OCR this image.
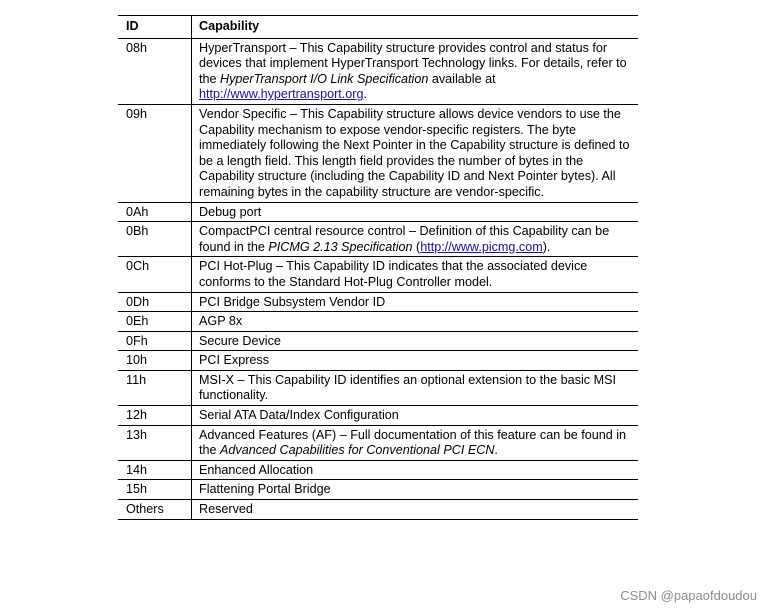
ID	Capability
08h	HyperTransport – This Capability structure provides control and status for devices that implement HyperTransport Technology links. For details, refer to the HyperTransport I/O Link Specification available at http://www.hypertransport.org.
09h	Vendor Specific – This Capability structure allows device vendors to use the Capability mechanism to expose vendor-specific registers. The byte immediately following the Next Pointer in the Capability structure is defined to be a length field. This length field provides the number of bytes in the Capability structure (including the Capability ID and Next Pointer bytes). All remaining bytes in the capability structure are vendor-specific.
0Ah	Debug port
0Bh	CompactPCI central resource control – Definition of this Capability can be found in the PICMG 2.13 Specification (http://www.picmg.com).
0Ch	PCI Hot-Plug – This Capability ID indicates that the associated device conforms to the Standard Hot-Plug Controller model.
0Dh	PCI Bridge Subsystem Vendor ID
0Eh	AGP 8x
0Fh	Secure Device
10h	PCI Express
11h	MSI-X – This Capability ID identifies an optional extension to the basic MSI functionality.
12h	Serial ATA Data/Index Configuration
13h	Advanced Features (AF) – Full documentation of this feature can be found in the Advanced Capabilities for Conventional PCI ECN.
14h	Enhanced Allocation
15h	Flattening Portal Bridge
Others	Reserved
CSDN @papaofdoudou
